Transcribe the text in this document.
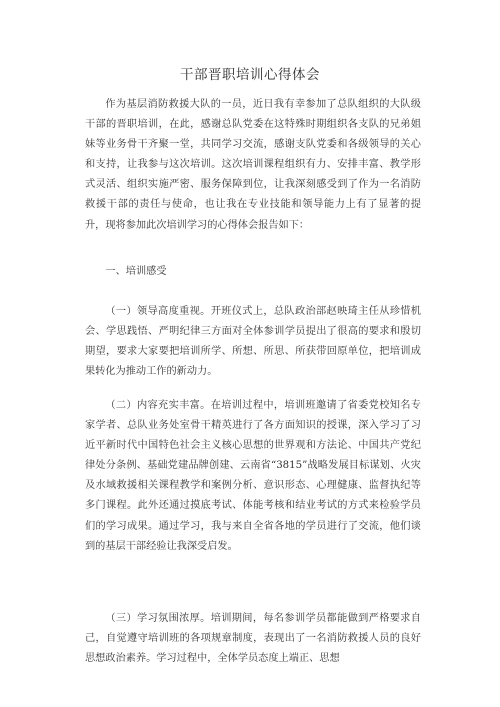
干部晋职培训心得体会

作为基层消防救援大队的一员，近日我有幸参加了总队组织的大队级干部的晋职培训，在此，感谢总队党委在这特殊时期组织各支队的兄弟姐妹等业务骨干齐聚一堂，共同学习交流，感谢支队党委和各级领导的关心和支持，让我参与这次培训。这次培训课程组织有力、安排丰富、教学形式灵活、组织实施严密、服务保障到位，让我深刻感受到了作为一名消防救援干部的责任与使命，也让我在专业技能和领导能力上有了显著的提升，现将参加此次培训学习的心得体会报告如下：

一、培训感受

（一）领导高度重视。开班仪式上，总队政治部赵映琦主任从珍惜机会、学思践悟、严明纪律三方面对全体参训学员提出了很高的要求和殷切期望，要求大家要把培训所学、所想、所思、所获带回原单位，把培训成果转化为推动工作的新动力。

（二）内容充实丰富。在培训过程中，培训班邀请了省委党校知名专家学者、总队业务处室骨干精英进行了各方面知识的授课，深入学习了习近平新时代中国特色社会主义核心思想的世界观和方法论、中国共产党纪律处分条例、基础党建品牌创建、云南省“3815”战略发展目标谋划、火灾及水域救援相关课程教学和案例分析、意识形态、心理健康、监督执纪等多门课程。此外还通过摸底考试、体能考核和结业考试的方式来检验学员们的学习成果。通过学习，我与来自全省各地的学员进行了交流，他们谈到的基层干部经验让我深受启发。

（三）学习氛围浓厚。培训期间，每名参训学员都能做到严格要求自己，自觉遵守培训班的各项规章制度，表现出了一名消防救援人员的良好思想政治素养。学习过程中，全体学员态度上端正、思想
